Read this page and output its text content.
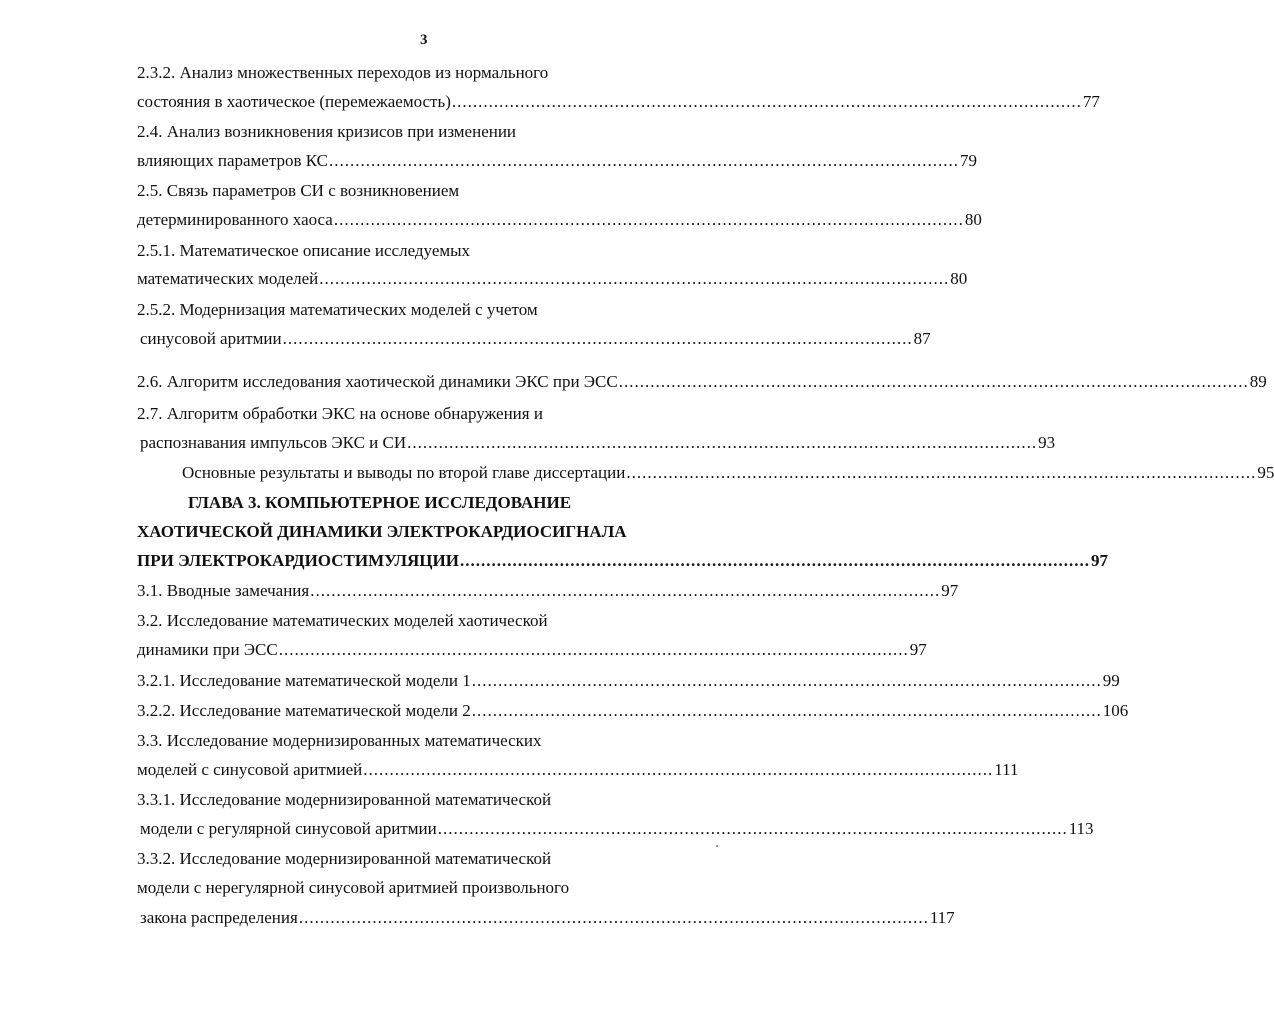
3
2.3.2. Анализ множественных переходов из нормального
состояния в хаотическое (перемежаемость) ........................................................................................................................ 77
2.4. Анализ возникновения кризисов при изменении
влияющих параметров КС ........................................................................................................................ 79
2.5. Связь параметров СИ с возникновением
детерминированного хаоса ........................................................................................................................ 80
2.5.1. Математическое описание исследуемых
математических моделей ........................................................................................................................ 80
2.5.2. Модернизация математических моделей с учетом
синусовой аритмии ........................................................................................................................ 87
2.6. Алгоритм исследования хаотической динамики ЭКС при ЭСС ........................................................................................................................ 89
2.7. Алгоритм обработки ЭКС на основе обнаружения и
распознавания импульсов ЭКС и СИ ........................................................................................................................ 93
Основные результаты и выводы по второй главе диссертации ........................................................................................................................ 95
ГЛАВА 3. КОМПЬЮТЕРНОЕ ИССЛЕДОВАНИЕ
ХАОТИЧЕСКОЙ ДИНАМИКИ ЭЛЕКТРОКАРДИОСИГНАЛА
ПРИ ЭЛЕКТРОКАРДИОСТИМУЛЯЦИИ ........................................................................................................................ 97
3.1. Вводные замечания ........................................................................................................................ 97
3.2. Исследование математических моделей хаотической
динамики при ЭСС ........................................................................................................................ 97
3.2.1. Исследование математической модели 1 ........................................................................................................................ 99
3.2.2. Исследование математической модели 2 ........................................................................................................................ 106
3.3. Исследование модернизированных математических
моделей с синусовой аритмией ........................................................................................................................ 111
3.3.1. Исследование модернизированной математической
модели с регулярной синусовой аритмии ........................................................................................................................ 113
3.3.2. Исследование модернизированной математической
модели с нерегулярной синусовой аритмией произвольного
закона распределения ........................................................................................................................ 117
